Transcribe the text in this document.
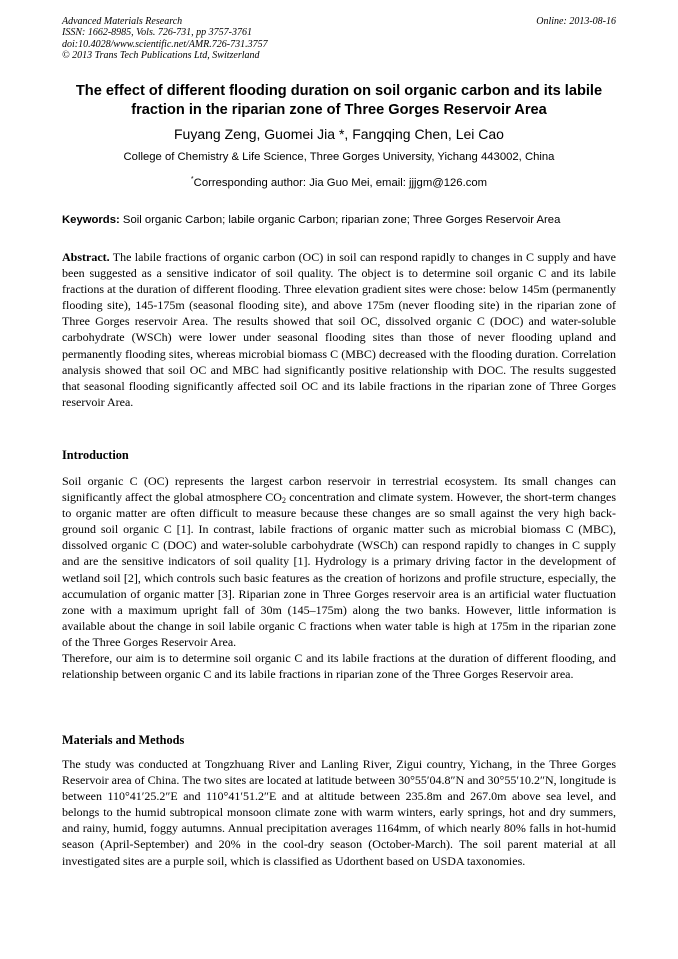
Advanced Materials Research
ISSN: 1662-8985, Vols. 726-731, pp 3757-3761
doi:10.4028/www.scientific.net/AMR.726-731.3757
© 2013 Trans Tech Publications Ltd, Switzerland
Online: 2013-08-16
The effect of different flooding duration on soil organic carbon and its labile fraction in the riparian zone of Three Gorges Reservoir Area
Fuyang Zeng, Guomei Jia *, Fangqing Chen, Lei Cao
College of Chemistry & Life Science, Three Gorges University, Yichang 443002, China
*Corresponding author: Jia Guo Mei, email: jjjgm@126.com
Keywords: Soil organic Carbon; labile organic Carbon; riparian zone; Three Gorges Reservoir Area
Abstract. The labile fractions of organic carbon (OC) in soil can respond rapidly to changes in C supply and have been suggested as a sensitive indicator of soil quality. The object is to determine soil organic C and its labile fractions at the duration of different flooding. Three elevation gradient sites were chose: below 145m (permanently flooding site), 145-175m (seasonal flooding site), and above 175m (never flooding site) in the riparian zone of Three Gorges reservoir Area. The results showed that soil OC, dissolved organic C (DOC) and water-soluble carbohydrate (WSCh) were lower under seasonal flooding sites than those of never flooding upland and permanently flooding sites, whereas microbial biomass C (MBC) decreased with the flooding duration. Correlation analysis showed that soil OC and MBC had significantly positive relationship with DOC. The results suggested that seasonal flooding significantly affected soil OC and its labile fractions in the riparian zone of Three Gorges reservoir Area.
Introduction

Soil organic C (OC) represents the largest carbon reservoir in terrestrial ecosystem. Its small changes can significantly affect the global atmosphere $CO_2$ concentration and climate system. However, the short-term changes to organic matter are often difficult to measure because these changes are so small against the very high back-ground soil organic C [1]. In contrast, labile fractions of organic matter such as microbial biomass C (MBC), dissolved organic C (DOC) and water-soluble carbohydrate (WSCh) can respond rapidly to changes in C supply and are the sensitive indicators of soil quality [1]. Hydrology is a primary driving factor in the development of wetland soil [2], which controls such basic features as the creation of horizons and profile structure, especially, the accumulation of organic matter [3]. Riparian zone in Three Gorges reservoir area is an artificial water fluctuation zone with a maximum upright fall of 30m (145–175m) along the two banks. However, little information is available about the change in soil labile organic C fractions when water table is high at 175m in the riparian zone of the Three Gorges Reservoir Area.

Therefore, our aim is to determine soil organic C and its labile fractions at the duration of different flooding, and relationship between organic C and its labile fractions in riparian zone of the Three Gorges Reservoir area.

Materials and Methods

The study was conducted at Tongzhuang River and Lanling River, Zigui country, Yichang, in the Three Gorges Reservoir area of China. The two sites are located at latitude between 30°55′04.8″N and 30°55′10.2″N, longitude is between 110°41′25.2″E and 110°41′51.2″E and at altitude between 235.8m and 267.0m above sea level, and belongs to the humid subtropical monsoon climate zone with warm winters, early springs, hot and dry summers, and rainy, humid, foggy autumns. Annual precipitation averages 1164mm, of which nearly 80% falls in hot-humid season (April-September) and 20% in the cool-dry season (October-March). The soil parent material at all investigated sites are a purple soil, which is classified as Udorthent based on USDA taxonomies.
